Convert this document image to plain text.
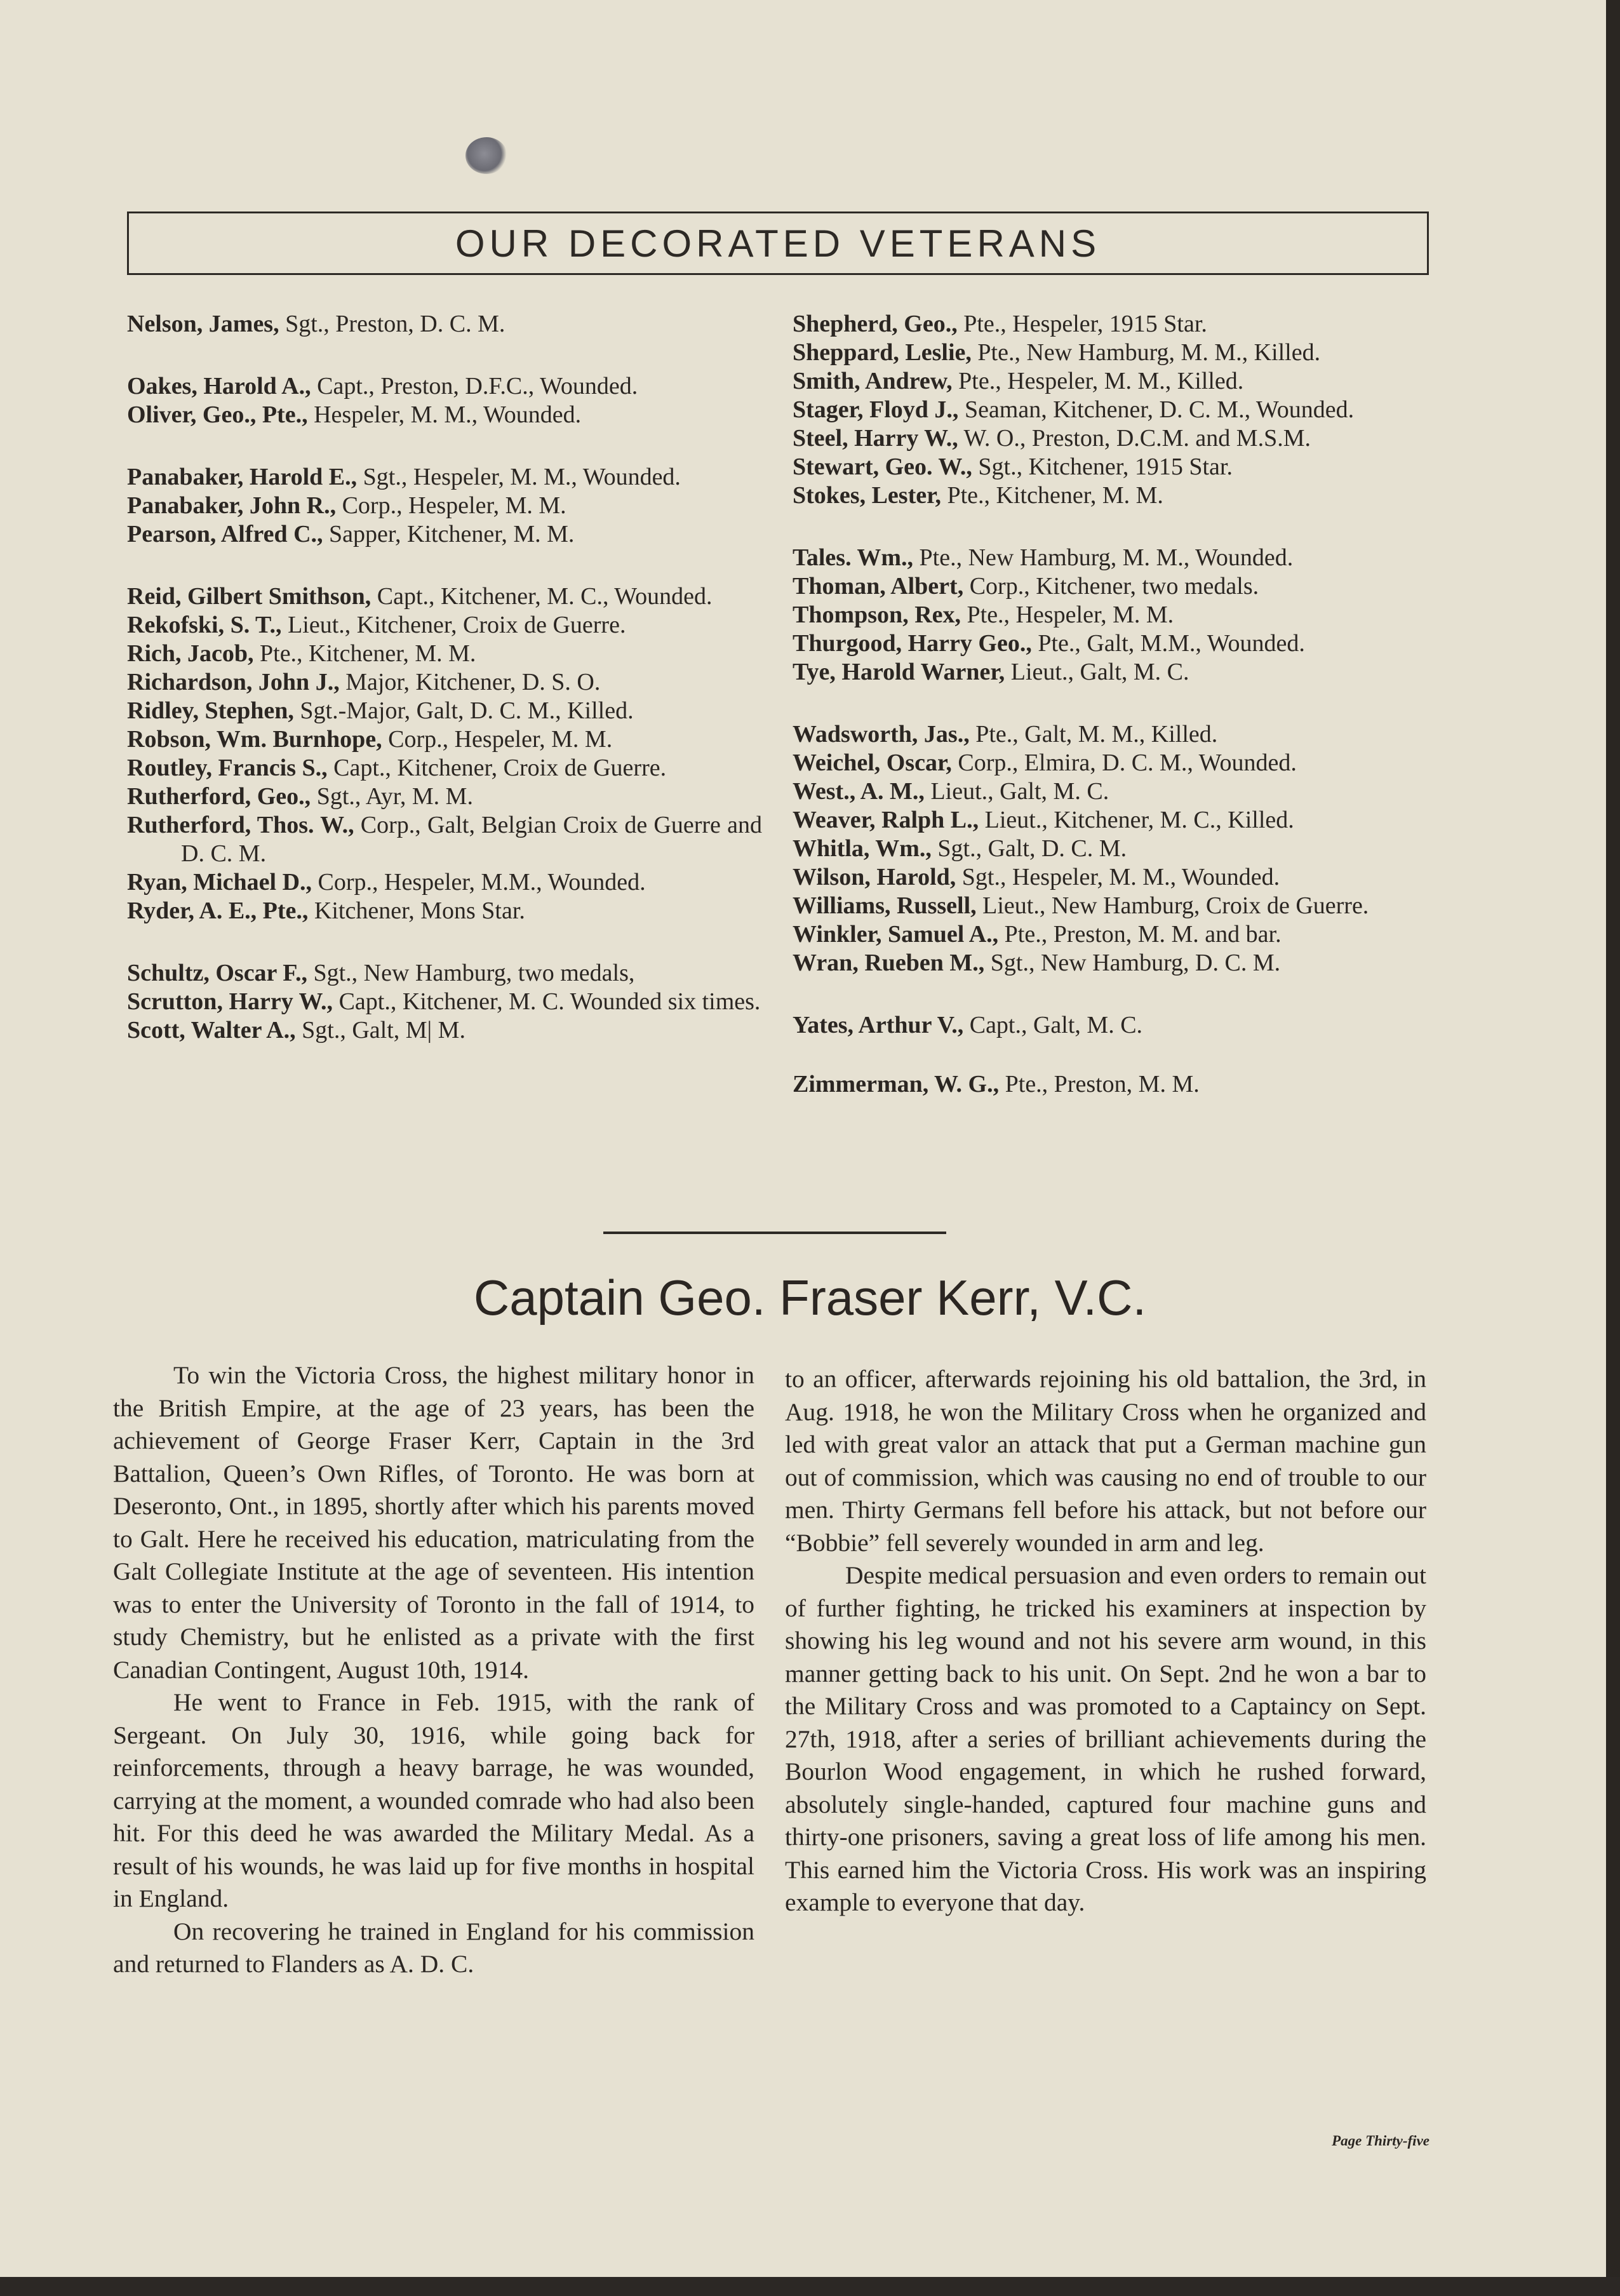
OUR DECORATED VETERANS
Nelson, James, Sgt., Preston, D. C. M.
Oakes, Harold A., Capt., Preston, D.F.C., Wounded.
Oliver, Geo., Pte., Hespeler, M. M., Wounded.
Panabaker, Harold E., Sgt., Hespeler, M. M., Wounded.
Panabaker, John R., Corp., Hespeler, M. M.
Pearson, Alfred C., Sapper, Kitchener, M. M.
Reid, Gilbert Smithson, Capt., Kitchener, M. C., Wounded.
Rekofski, S. T., Lieut., Kitchener, Croix de Guerre.
Rich, Jacob, Pte., Kitchener, M. M.
Richardson, John J., Major, Kitchener, D. S. O.
Ridley, Stephen, Sgt.-Major, Galt, D. C. M., Killed.
Robson, Wm. Burnhope, Corp., Hespeler, M. M.
Routley, Francis S., Capt., Kitchener, Croix de Guerre.
Rutherford, Geo., Sgt., Ayr, M. M.
Rutherford, Thos. W., Corp., Galt, Belgian Croix de Guerre and D. C. M.
Ryan, Michael D., Corp., Hespeler, M.M., Wounded.
Ryder, A. E., Pte., Kitchener, Mons Star.
Schultz, Oscar F., Sgt., New Hamburg, two medals,
Scrutton, Harry W., Capt., Kitchener, M. C. Wounded six times.
Scott, Walter A., Sgt., Galt, M| M.
Shepherd, Geo., Pte., Hespeler, 1915 Star.
Sheppard, Leslie, Pte., New Hamburg, M. M., Killed.
Smith, Andrew, Pte., Hespeler, M. M., Killed.
Stager, Floyd J., Seaman, Kitchener, D. C. M., Wounded.
Steel, Harry W., W. O., Preston, D.C.M. and M.S.M.
Stewart, Geo. W., Sgt., Kitchener, 1915 Star.
Stokes, Lester, Pte., Kitchener, M. M.
Tales. Wm., Pte., New Hamburg, M. M., Wounded.
Thoman, Albert, Corp., Kitchener, two medals.
Thompson, Rex, Pte., Hespeler, M. M.
Thurgood, Harry Geo., Pte., Galt, M.M., Wounded.
Tye, Harold Warner, Lieut., Galt, M. C.
Wadsworth, Jas., Pte., Galt, M. M., Killed.
Weichel, Oscar, Corp., Elmira, D. C. M., Wounded.
West., A. M., Lieut., Galt, M. C.
Weaver, Ralph L., Lieut., Kitchener, M. C., Killed.
Whitla, Wm., Sgt., Galt, D. C. M.
Wilson, Harold, Sgt., Hespeler, M. M., Wounded.
Williams, Russell, Lieut., New Hamburg, Croix de Guerre.
Winkler, Samuel A., Pte., Preston, M. M. and bar.
Wran, Rueben M., Sgt., New Hamburg, D. C. M.
Yates, Arthur V., Capt., Galt, M. C.
Zimmerman, W. G., Pte., Preston, M. M.
Captain Geo. Fraser Kerr, V.C.

To win the Victoria Cross, the highest military honor in the British Empire, at the age of 23 years, has been the achievement of George Fraser Kerr, Captain in the 3rd Battalion, Queen’s Own Rifles, of Toronto. He was born at Deseronto, Ont., in 1895, shortly after which his parents moved to Galt. Here he received his education, matriculating from the Galt Collegiate Institute at the age of seventeen. His intention was to enter the University of Toronto in the fall of 1914, to study Chemistry, but he enlisted as a private with the first Canadian Contingent, August 10th, 1914.

He went to France in Feb. 1915, with the rank of Sergeant. On July 30, 1916, while going back for reinforcements, through a heavy barrage, he was wounded, carrying at the moment, a wounded comrade who had also been hit. For this deed he was awarded the Military Medal. As a result of his wounds, he was laid up for five months in hospital in England.

On recovering he trained in England for his commission and returned to Flanders as A. D. C.

to an officer, afterwards rejoining his old battalion, the 3rd, in Aug. 1918, he won the Military Cross when he organized and led with great valor an attack that put a German machine gun out of commission, which was causing no end of trouble to our men. Thirty Germans fell before his attack, but not before our “Bobbie” fell severely wounded in arm and leg.

Despite medical persuasion and even orders to remain out of further fighting, he tricked his examiners at inspection by showing his leg wound and not his severe arm wound, in this manner getting back to his unit. On Sept. 2nd he won a bar to the Military Cross and was promoted to a Captaincy on Sept. 27th, 1918, after a series of brilliant achievements during the Bourlon Wood engagement, in which he rushed forward, absolutely single-handed, captured four machine guns and thirty-one prisoners, saving a great loss of life among his men. This earned him the Victoria Cross. His work was an inspiring example to everyone that day.

Page Thirty-five
